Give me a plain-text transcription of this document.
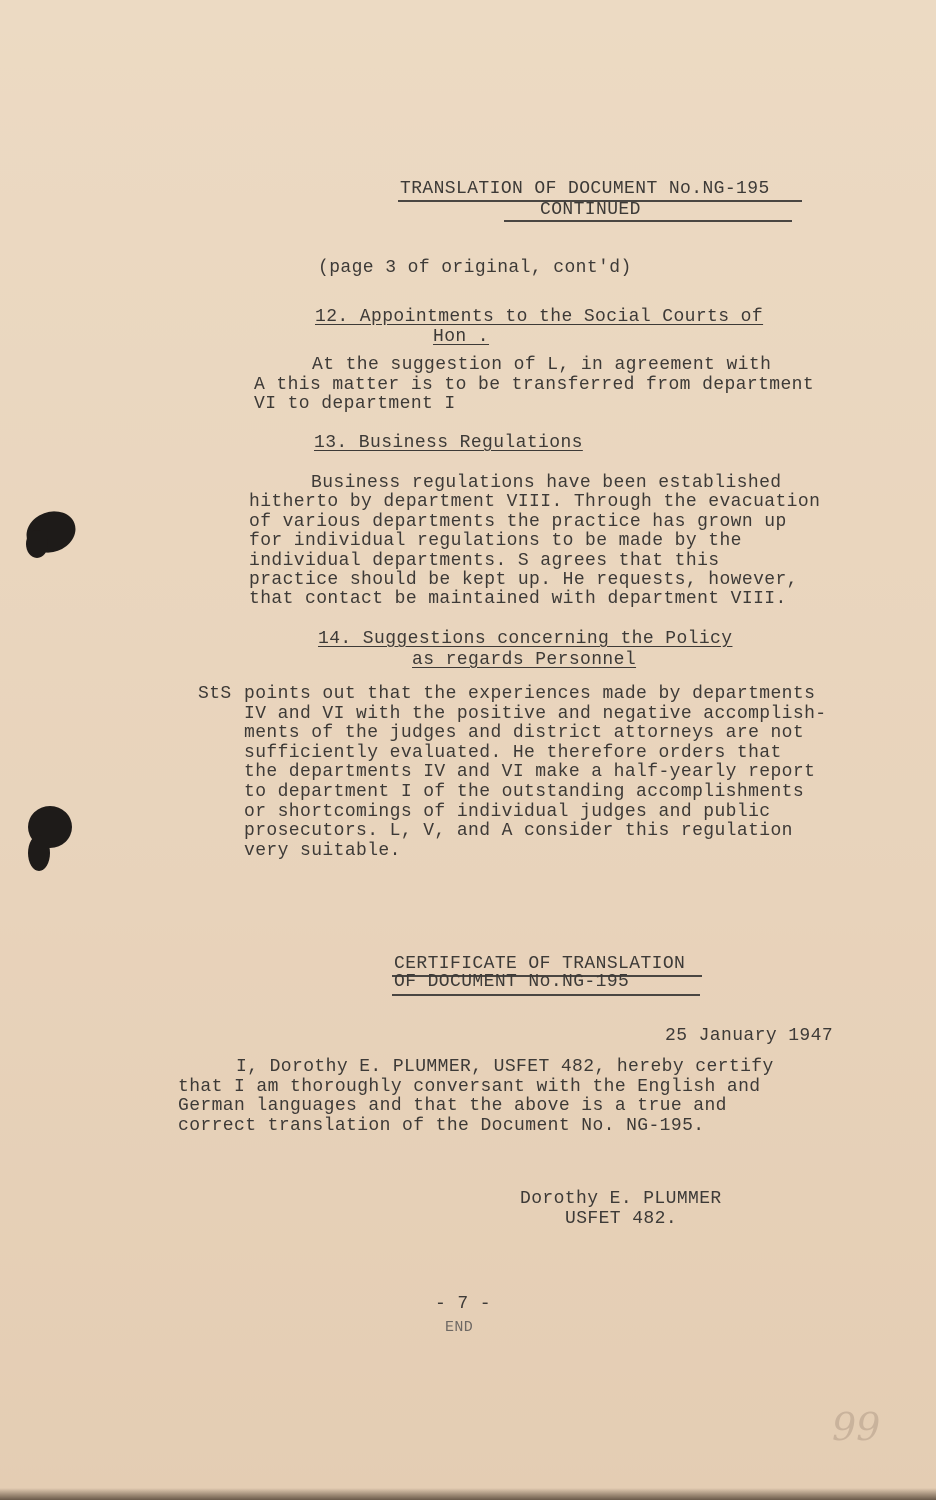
TRANSLATION OF DOCUMENT No.NG-195
CONTINUED
(page 3 of original, cont'd)
12. Appointments to the Social Courts of
Hon .

At the suggestion of L, in agreement with

A this matter is to be transferred from department

VI to department I

13. Business Regulations

Business regulations have been established

hitherto by department VIII. Through the evacuation

of various departments the practice has grown up

for individual regulations to be made by the

individual departments. S agrees that this

practice should be kept up. He requests, however,

that contact be maintained with department VIII.

14. Suggestions concerning the Policy
as regards Personnel
StS points out that the experiences made by departments

IV and VI with the positive and negative accomplish-

ments of the judges and district attorneys are not

sufficiently evaluated. He therefore orders that

the departments IV and VI make a half-yearly report

to department I of the outstanding accomplishments

or shortcomings of individual judges and public

prosecutors. L, V, and A consider this regulation

very suitable.

CERTIFICATE OF TRANSLATION
OF DOCUMENT No.NG-195
25 January 1947

I, Dorothy E. PLUMMER, USFET 482, hereby certify

that I am thoroughly conversant with the English and

German languages and that the above is a true and

correct translation of the Document No. NG-195.

Dorothy E. PLUMMER
USFET 482.
- 7 -
END
99
